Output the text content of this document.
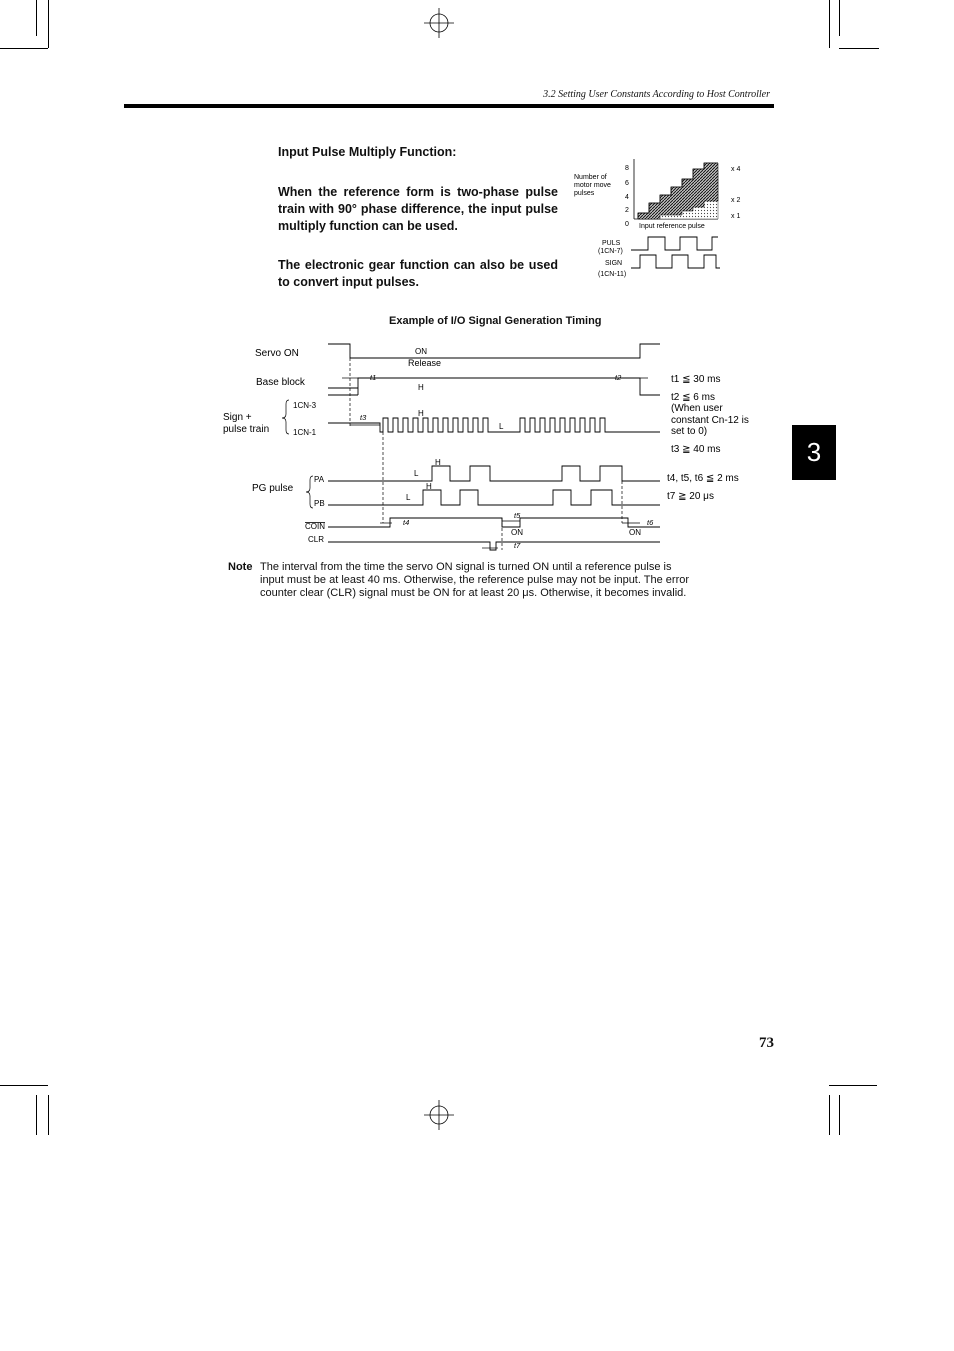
3.2 Setting User Constants According to Host Controller
3
Input Pulse Multiply Function:
When the reference form is two-phase pulse train with 90° phase difference, the input pulse multiply function can be used.
The electronic gear function can also be used to convert input pulses.
Number of
motor move
pulses
8
6
4
2
0 Input reference pulse
x 4
x 2
x 1
PULS
(1CN-7)
SIGN
(1CN-11)
Example of I/O Signal Generation Timing
Servo ON
Base block
Sign +
pulse train
PG pulse
1CN-3
1CN-1
PA
PB
COIN
CLR
ON
H
H
L
H
L
H
L
ON	ON
Release
t1	t2
t3
t4
t5
t6
t7
t1 ≦ 30 ms
t2 ≦ 6 ms
(When user
constant Cn-12 is
set to 0)
t3 ≧ 40 ms
t4, t5, t6 ≦ 2 ms
t7 ≧ 20 μs
Note The interval from the time the servo ON signal is turned ON until a reference pulse is input must be at least 40 ms. Otherwise, the reference pulse may not be input. The error counter clear (CLR) signal must be ON for at least 20 μs. Otherwise, it becomes invalid.
73
